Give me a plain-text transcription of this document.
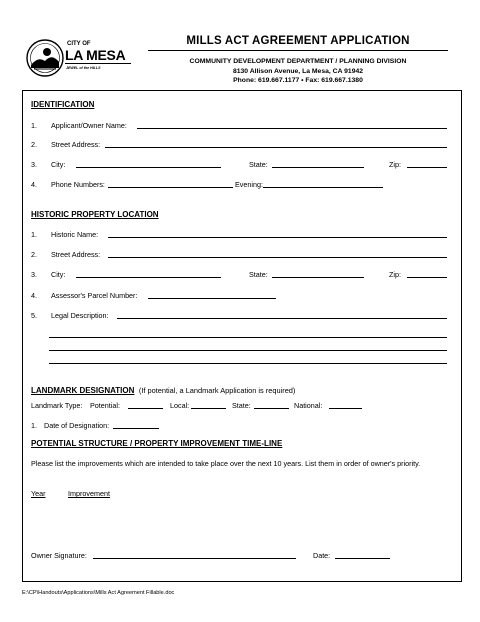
CITY OF
LA MESA
JEWEL of the HILLS
MILLS ACT AGREEMENT APPLICATION
COMMUNITY DEVELOPMENT DEPARTMENT / PLANNING DIVISION
8130 Allison Avenue, La Mesa, CA 91942
Phone: 619.667.1177 • Fax: 619.667.1380
IDENTIFICATION
1. Applicant/Owner Name:
2. Street Address:
3. City:	State:	Zip:
4. Phone Numbers:	Evening:
HISTORIC PROPERTY LOCATION
1. Historic Name:
2. Street Address:
3. City:	State:	Zip:
4. Assessor's Parcel Number:
5. Legal Description:
LANDMARK DESIGNATION (If potential, a Landmark Application is required)
Landmark Type: Potential:	Local:	State:	National:
1. Date of Designation:
POTENTIAL STRUCTURE / PROPERTY IMPROVEMENT TIME-LINE
Please list the improvements which are intended to take place over the next 10 years. List them in order of owner's priority.
Year	Improvement
Owner Signature:	Date:
E:\CP\Handouts\Applications\Mills Act Agreement Fillable.doc
